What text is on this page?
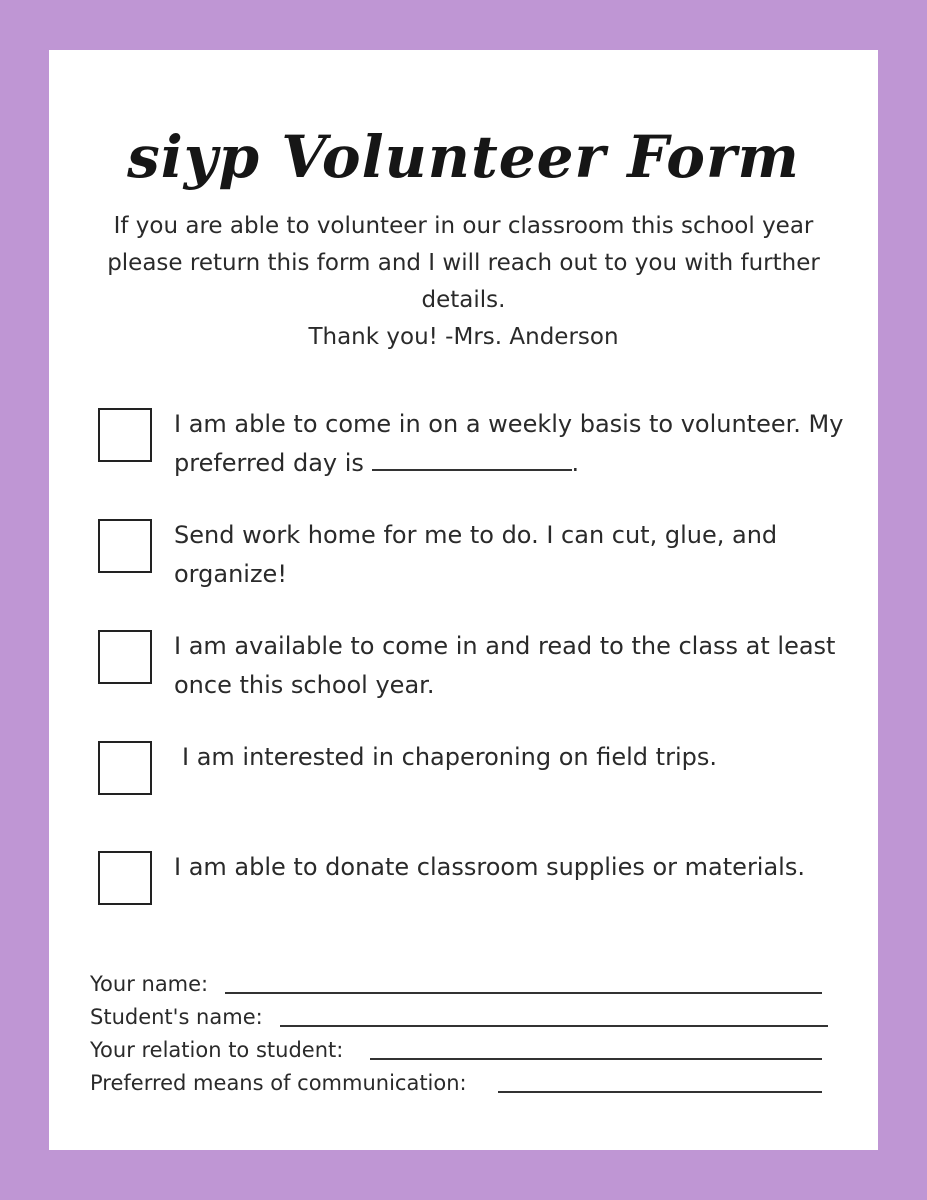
siyp Volunteer Form
If you are able to volunteer in our classroom this school year please return this form and I will reach out to you with further details.
Thank you! -Mrs. Anderson
I am able to come in on a weekly basis to volunteer. My preferred day is	.
Send work home for me to do. I can cut, glue, and organize!
I am available to come in and read to the class at least once this school year.
I am interested in chaperoning on field trips.
I am able to donate classroom supplies or materials.
Your name:
Student's name:
Your relation to student:
Preferred means of communication:
